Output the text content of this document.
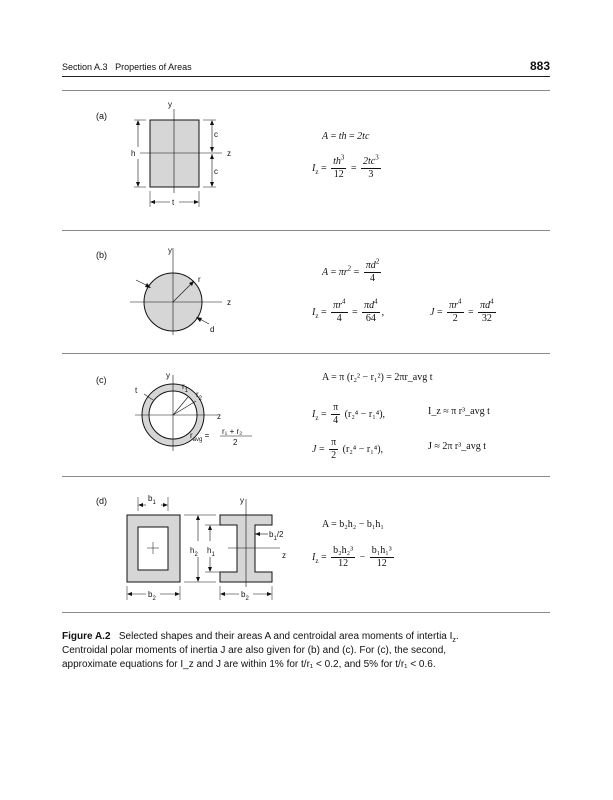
Section A.3 Properties of Areas	883
(a)
y
z
h
c
c
t
A = th = 2tc
$I_z = \frac{th^3}{12} = \frac{2tc^3}{3}$
(b)	y
z
r
d
$A = \pi r^2 = \frac{\pi d^2}{4}$
$I_z = \frac{\pi r^4}{4} = \frac{\pi d^4}{64}$ ,	$J = \frac{\pi r^4}{2} = \frac{\pi d^4}{32}$
(c)	y
z
t	$r_1$ $r_2$
$r_{avg} = r_1 + r_2$
2
A = π (r₂² − r₁²) = 2πr_avg t
$I_z = \frac{\pi}{4} (r_2^4 - r_1^4)$,	I_z ≈ π r³_avg t
$J = \frac{\pi}{2} (r_2^4 - r_1^4)$,	J ≈ 2π r³_avg t
(d)	$b_1$
$b_2$
y
z
$h_2$ $h_1$
$b_1/2$
$b_2$
A = b₂h₂ − b₁h₁
$I_z = \frac{\text{b₂h₂³}}{12} - \frac{\text{b₁h₁³}}{12}$
Figure A.2 Selected shapes and their areas A and centroidal area moments of intertia $I_z$.
Centroidal polar moments of inertia J are also given for (b) and (c). For (c), the second,
approximate equations for I_z and J are within 1% for t/r₁ < 0.2, and 5% for t/r₁ < 0.6.
